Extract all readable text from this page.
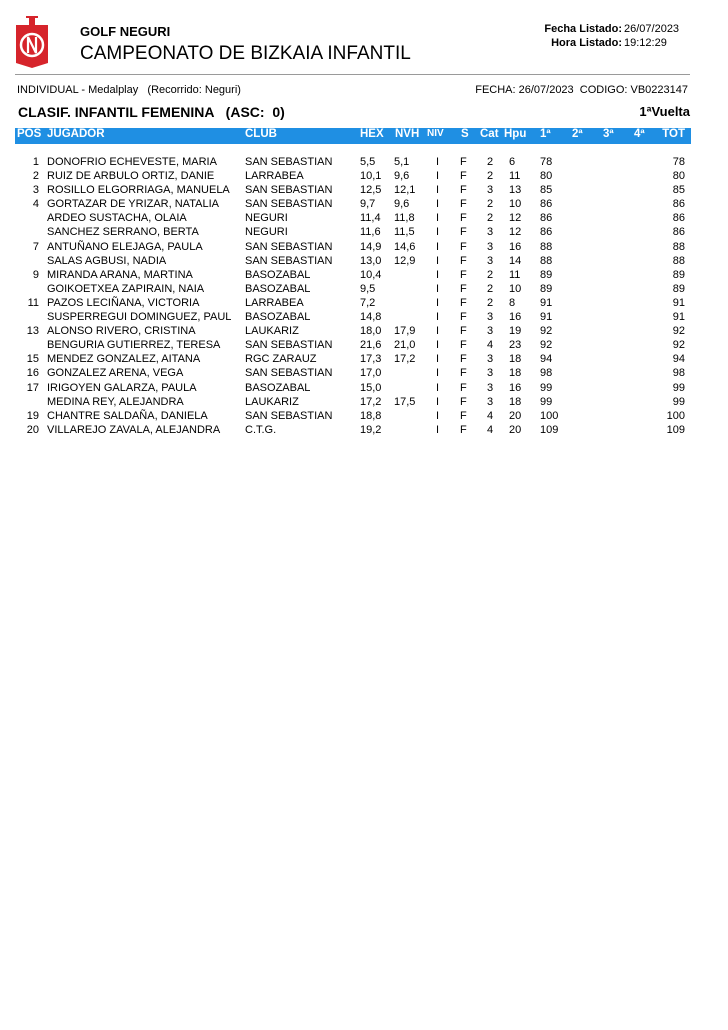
GOLF NEGURI
CAMPEONATO DE BIZKAIA INFANTIL
Fecha Listado: 26/07/2023
Hora Listado: 19:12:29
INDIVIDUAL - Medalplay   (Recorrido: Neguri)	FECHA: 26/07/2023  CODIGO: VB0223147
CLASIF. INFANTIL FEMENINA   (ASC:  0)	1ªVuelta
POS JUGADOR	CLUB	HEX NVH NIV S Cat Hpu 1ª 2ª 3ª 4ª TOT
1 DONOFRIO ECHEVESTE, MARIA	SAN SEBASTIAN	5,5 5,1 I F 2 6 78	78
2 RUIZ DE ARBULO ORTIZ, DANIE	LARRABEA	10,1 9,6 I F 2 11 80	80
3 ROSILLO ELGORRIAGA, MANUELA SAN SEBASTIAN	12,5 12,1 I F 3 13 85	85
4 GORTAZAR DE YRIZAR, NATALIA SAN SEBASTIAN	9,7 9,6 I F 2 10 86	86
ARDEO SUSTACHA, OLAIA	NEGURI	11,4 11,8 I F 2 12 86	86
SANCHEZ SERRANO, BERTA	NEGURI	11,6 11,5 I F 3 12 86	86
7 ANTUÑANO ELEJAGA, PAULA	SAN SEBASTIAN	14,9 14,6 I F 3 16 88	88
SALAS AGBUSI, NADIA	SAN SEBASTIAN	13,0 12,9 I F 3 14 88	88
9 MIRANDA ARANA, MARTINA	BASOZABAL	10,4	I F 2 11 89	89
GOIKOETXEA ZAPIRAIN, NAIA	BASOZABAL	9,5	I F 2 10 89	89
11 PAZOS LECIÑANA, VICTORIA	LARRABEA	7,2	I F 2 8 91	91
SUSPERREGUI DOMINGUEZ, PAUL BASOZABAL	14,8	I F 3 16 91	91
13 ALONSO RIVERO, CRISTINA	LAUKARIZ	18,0 17,9 I F 3 19 92	92
BENGURIA GUTIERREZ, TERESA SAN SEBASTIAN	21,6 21,0 I F 4 23 92	92
15 MENDEZ GONZALEZ, AITANA	RGC ZARAUZ	17,3 17,2 I F 3 18 94	94
16 GONZALEZ ARENA, VEGA	SAN SEBASTIAN	17,0	I F 3 18 98	98
17 IRIGOYEN GALARZA, PAULA	BASOZABAL	15,0	I F 3 16 99	99
MEDINA REY, ALEJANDRA	LAUKARIZ	17,2 17,5 I F 3 18 99	99
19 CHANTRE SALDAÑA, DANIELA	SAN SEBASTIAN	18,8	I F 4 20 100	100
20 VILLAREJO ZAVALA, ALEJANDRA C.T.G.	19,2	I F 4 20 109	109
